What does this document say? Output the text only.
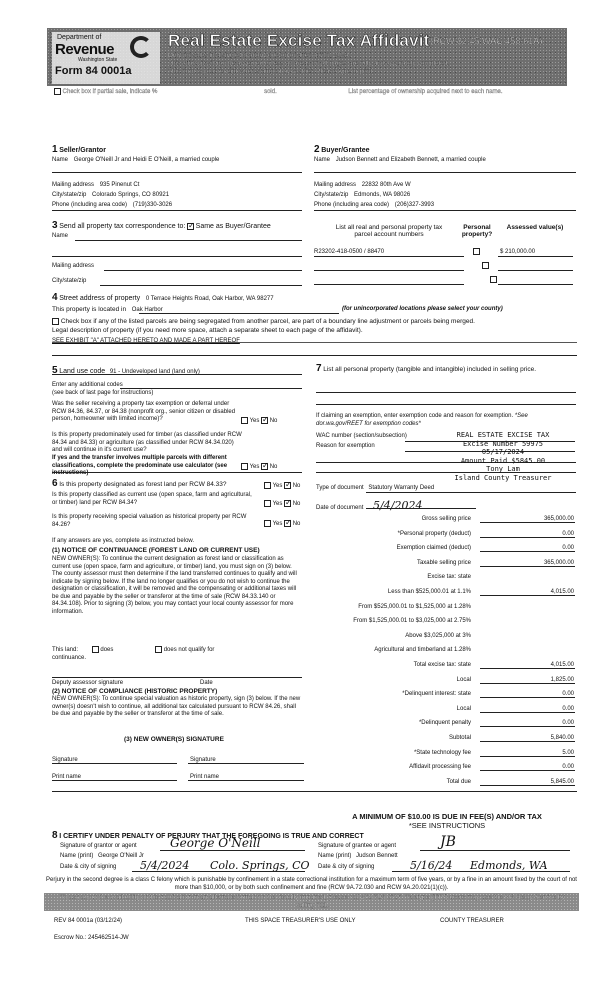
Department of
Revenue
Washington State
Form 84 0001a
Real Estate Excise Tax Affidavit (RCW 82.45 WAC 458-61A)
Only for sales in a single location code on or after April 1, 2024.
This affidavit will not be accepted unless all areas on all pages are fully and accurately completed.
This form is your receipt when stamped by cashier. Please type or print.
Check box if partial sale, indicate %	sold.	List percentage of ownership acquired next to each name.
1 Seller/Grantor
Name George O'Neill Jr and Heidi E O'Neill, a married couple
Mailing address 935 Pinenut Ct
City/state/zip Colorado Springs, CO 80921
Phone (including area code) (719)330-3026
2 Buyer/Grantee
Name Judson Bennett and Elizabeth Bennett, a married couple
Mailing address 22832 80th Ave W
City/state/zip Edmonds, WA 98026
Phone (including area code) (206)327-3993
3 Send all property tax correspondence to: ✓ Same as Buyer/Grantee
Name
Mailing address
City/state/zip
List all real and personal property tax
parcel account numbers
Personal property?
Assessed value(s)
R23202-418-0500 / 88470
	$ 210,000.00

4 Street address of property 0 Terrace Heights Road, Oak Harbor, WA 98277
This property is located in Oak Harbor	(for unincorporated locations please select your county)
Check box if any of the listed parcels are being segregated from another parcel, are part of a boundary line adjustment or parcels being merged.
Legal description of property (if you need more space, attach a separate sheet to each page of the affidavit).
SEE EXHIBIT "A" ATTACHED HERETO AND MADE A PART HEREOF
5 Land use code 91 - Undeveloped land (land only)
Enter any additional codes
(see back of last page for instructions)
Was the seller receiving a property tax exemption or deferral under RCW 84.36, 84.37, or 84.38 (nonprofit org., senior citizen or disabled person, homeowner with limited income)?	Yes ✓ No
Is this property predominately used for timber (as classified under RCW 84.34 and 84.33) or agriculture (as classified under RCW 84.34.020) and will continue in it's current use?
If yes and the transfer involves multiple parcels with different classifications, complete the predominate use calculator (see instructions)
Yes ✓ No
6 Is this property designated as forest land per RCW 84.33?	Yes ✓ No
Is this property classified as current use (open space, farm and agricultural, or timber) land per RCW 84.34?	Yes ✓ No
Is this property receiving special valuation as historical property per RCW 84.26?	Yes ✓ No
If any answers are yes, complete as instructed below.
(1) NOTICE OF CONTINUANCE (FOREST LAND OR CURRENT USE)
NEW OWNER(S): To continue the current designation as forest land or classification as current use (open space, farm and agriculture, or timber) land, you must sign on (3) below. The county assessor must then determine if the land transferred continues to qualify and will indicate by signing below. If the land no longer qualifies or you do not wish to continue the designation or classification, it will be removed and the compensating or additional taxes will be due and payable by the seller or transferor at the time of sale (RCW 84.33.140 or 84.34.108). Prior to signing (3) below, you may contact your local county assessor for more information.
This land:	does	does not qualify for
continuance.
Deputy assessor signature	Date
(2) NOTICE OF COMPLIANCE (HISTORIC PROPERTY)
NEW OWNER(S): To continue special valuation as historic property, sign (3) below. If the new owner(s) doesn't wish to continue, all additional tax calculated pursuant to RCW 84.26, shall be due and payable by the seller or transferor at the time of sale.
(3) NEW OWNER(S) SIGNATURE
Signature	Signature
Print name	Print name
7 List all personal property (tangible and intangible) included in selling price.
If claiming an exemption, enter exemption code and reason for exemption. *See dor.wa.gov/REET for exemption codes*
WAC number (section/subsection)
Reason for exemption
REAL ESTATE EXCISE TAX
Excise Number 59975
05/17/2024
Amount Paid $5845.00
Tony Lam
Island County Treasurer
Type of document Statutory Warranty Deed
Date of document 5/4/2024
Gross selling price	365,000.00
*Personal property (deduct)	0.00
Exemption claimed (deduct)	0.00
Taxable selling price	365,000.00
Excise tax: state
Less than $525,000.01 at 1.1%	4,015.00
From $525,000.01 to $1,525,000 at 1.28%
From $1,525,000.01 to $3,025,000 at 2.75%
Above $3,025,000 at 3%
Agricultural and timberland at 1.28%
Total excise tax: state	4,015.00
Local	1,825.00
*Delinquent interest: state	0.00
Local	0.00
*Delinquent penalty	0.00
Subtotal	5,840.00
*State technology fee	5.00
Affidavit processing fee	0.00
Total due	5,845.00
A MINIMUM OF $10.00 IS DUE IN FEE(S) AND/OR TAX
*SEE INSTRUCTIONS
8 I CERTIFY UNDER PENALTY OF PERJURY THAT THE FOREGOING IS TRUE AND CORRECT
Signature of grantor or agent	George O'Neill
Name (print) George O'Neill Jr
Date & city of signing 5/4/2024 Colo. Springs, CO
Signature of grantee or agent	JB
Name (print) Judson Bennett
Date & city of signing	5/16/24 Edmonds, WA
Perjury in the second degree is a class C felony which is punishable by confinement in a state correctional institution for a maximum term of five years, or by a fine in an amount fixed by the court of not more than $10,000, or by both such confinement and fine (RCW 9A.72.030 and RCW 9A.20.021(1)(c)).
To ask about the availability of this publication in an alternate format for the visually impaired, please call 360-705-6705. Teletype (TTY) users may use the WA Relay Service by calling 711.
REV 84 0001a (03/12/24)	THIS SPACE TREASURER'S USE ONLY	COUNTY TREASURER
Escrow No.: 245462514-JW
